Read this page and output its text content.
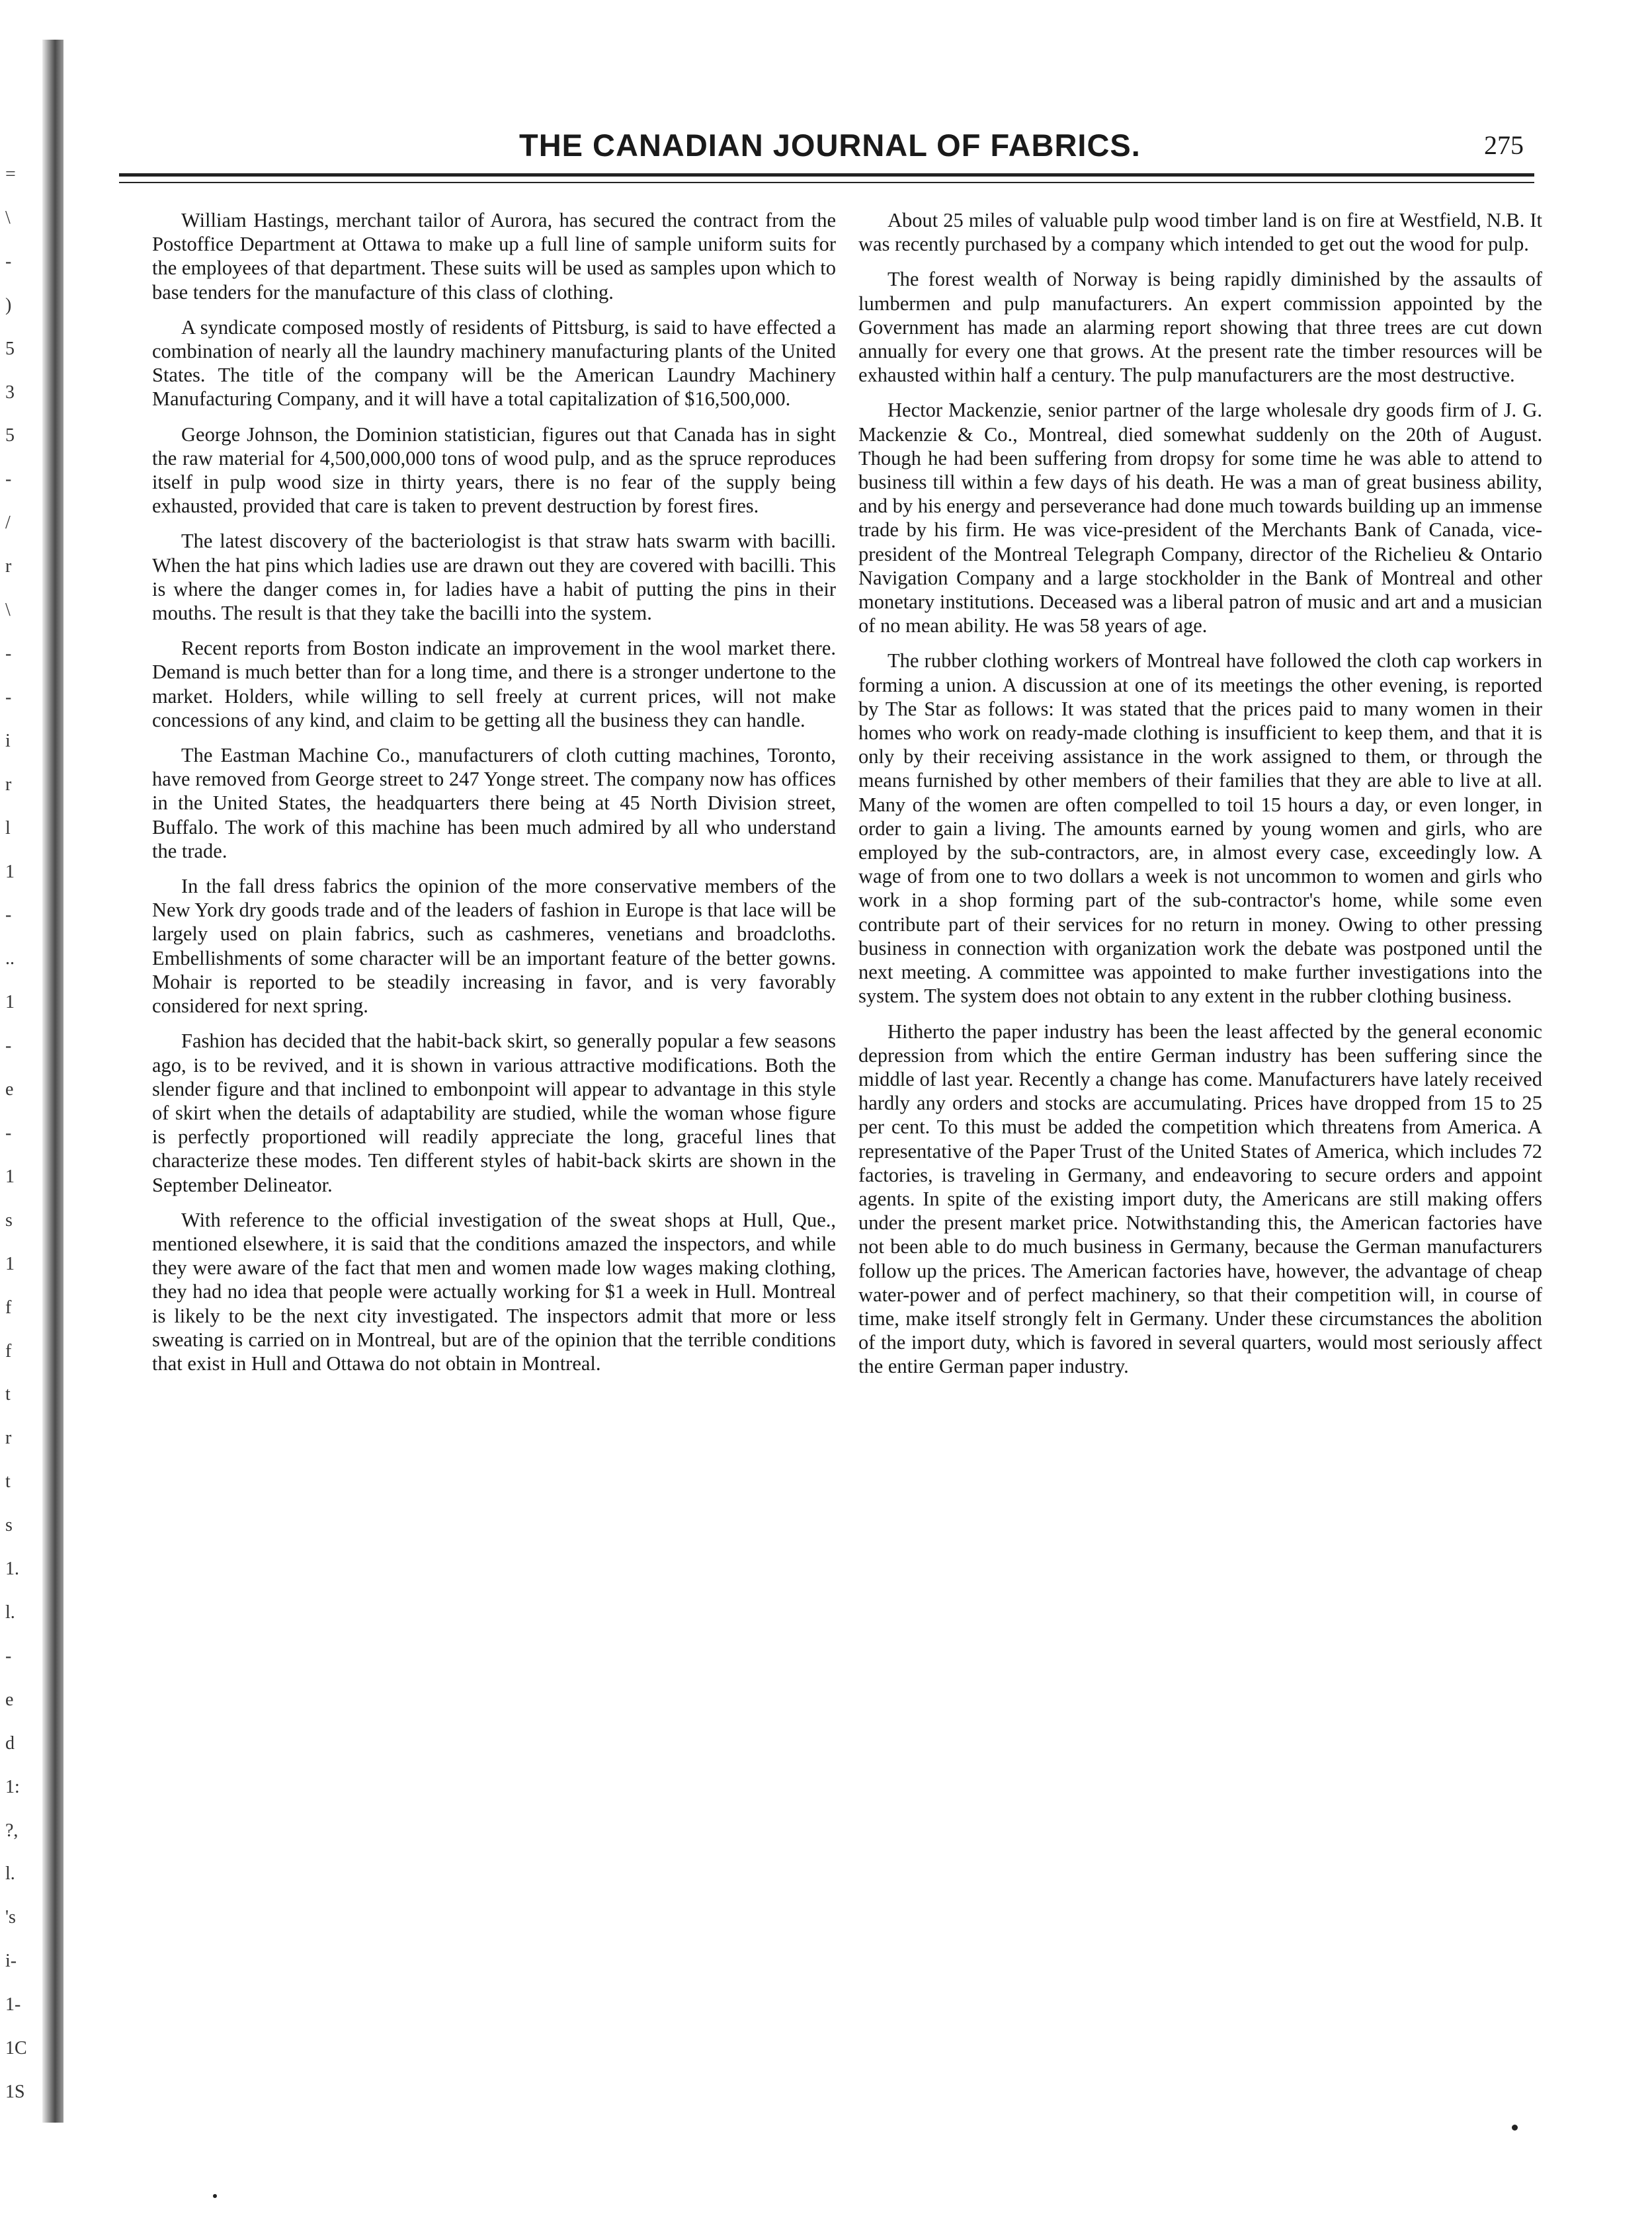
=
\
-
)
5
3
5
-
/
r
\
-
-
i
r
l
1
-
..
1
-
e
-
1
s
1
f
f
t
r
t
s
1.
l.
-
e
d
1:
?,
l.
's
i-
1-
1C
1S
THE CANADIAN JOURNAL OF FABRICS.	275

William Hastings, merchant tailor of Aurora, has secured the contract from the Postoffice Department at Ottawa to make up a full line of sample uniform suits for the employees of that department. These suits will be used as samples upon which to base tenders for the manufacture of this class of clothing.

A syndicate composed mostly of residents of Pittsburg, is said to have effected a combination of nearly all the laundry machinery manufacturing plants of the United States. The title of the company will be the American Laundry Machinery Manufacturing Company, and it will have a total capitalization of $16,500,000.

George Johnson, the Dominion statistician, figures out that Canada has in sight the raw material for 4,500,000,000 tons of wood pulp, and as the spruce reproduces itself in pulp wood size in thirty years, there is no fear of the supply being exhausted, provided that care is taken to prevent destruction by forest fires.

The latest discovery of the bacteriologist is that straw hats swarm with bacilli. When the hat pins which ladies use are drawn out they are covered with bacilli. This is where the danger comes in, for ladies have a habit of putting the pins in their mouths. The result is that they take the bacilli into the system.

Recent reports from Boston indicate an improvement in the wool market there. Demand is much better than for a long time, and there is a stronger undertone to the market. Holders, while willing to sell freely at current prices, will not make concessions of any kind, and claim to be getting all the business they can handle.

The Eastman Machine Co., manufacturers of cloth cutting machines, Toronto, have removed from George street to 247 Yonge street. The company now has offices in the United States, the headquarters there being at 45 North Division street, Buffalo. The work of this machine has been much admired by all who understand the trade.

In the fall dress fabrics the opinion of the more conservative members of the New York dry goods trade and of the leaders of fashion in Europe is that lace will be largely used on plain fabrics, such as cashmeres, venetians and broadcloths. Embellishments of some character will be an important feature of the better gowns. Mohair is reported to be steadily increasing in favor, and is very favorably considered for next spring.

Fashion has decided that the habit-back skirt, so generally popular a few seasons ago, is to be revived, and it is shown in various attractive modifications. Both the slender figure and that inclined to embonpoint will appear to advantage in this style of skirt when the details of adaptability are studied, while the woman whose figure is perfectly proportioned will readily appreciate the long, graceful lines that characterize these modes. Ten different styles of habit-back skirts are shown in the September Delineator.

With reference to the official investigation of the sweat shops at Hull, Que., mentioned elsewhere, it is said that the conditions amazed the inspectors, and while they were aware of the fact that men and women made low wages making clothing, they had no idea that people were actually working for $1 a week in Hull. Montreal is likely to be the next city investigated. The inspectors admit that more or less sweating is carried on in Montreal, but are of the opinion that the terrible conditions that exist in Hull and Ottawa do not obtain in Montreal.

About 25 miles of valuable pulp wood timber land is on fire at Westfield, N.B. It was recently purchased by a company which intended to get out the wood for pulp.

The forest wealth of Norway is being rapidly diminished by the assaults of lumbermen and pulp manufacturers. An expert commission appointed by the Government has made an alarming report showing that three trees are cut down annually for every one that grows. At the present rate the timber resources will be exhausted within half a century. The pulp manufacturers are the most destructive.

Hector Mackenzie, senior partner of the large wholesale dry goods firm of J. G. Mackenzie & Co., Montreal, died somewhat suddenly on the 20th of August. Though he had been suffering from dropsy for some time he was able to attend to business till within a few days of his death. He was a man of great business ability, and by his energy and perseverance had done much towards building up an immense trade by his firm. He was vice-president of the Merchants Bank of Canada, vice-president of the Montreal Telegraph Company, director of the Richelieu & Ontario Navigation Company and a large stockholder in the Bank of Montreal and other monetary institutions. Deceased was a liberal patron of music and art and a musician of no mean ability. He was 58 years of age.

The rubber clothing workers of Montreal have followed the cloth cap workers in forming a union. A discussion at one of its meetings the other evening, is reported by The Star as follows: It was stated that the prices paid to many women in their homes who work on ready-made clothing is insufficient to keep them, and that it is only by their receiving assistance in the work assigned to them, or through the means furnished by other members of their families that they are able to live at all. Many of the women are often compelled to toil 15 hours a day, or even longer, in order to gain a living. The amounts earned by young women and girls, who are employed by the sub-contractors, are, in almost every case, exceedingly low. A wage of from one to two dollars a week is not uncommon to women and girls who work in a shop forming part of the sub-contractor's home, while some even contribute part of their services for no return in money. Owing to other pressing business in connection with organization work the debate was postponed until the next meeting. A committee was appointed to make further investigations into the system. The system does not obtain to any extent in the rubber clothing business.

Hitherto the paper industry has been the least affected by the general economic depression from which the entire German industry has been suffering since the middle of last year. Recently a change has come. Manufacturers have lately received hardly any orders and stocks are accumulating. Prices have dropped from 15 to 25 per cent. To this must be added the competition which threatens from America. A representative of the Paper Trust of the United States of America, which includes 72 factories, is traveling in Germany, and endeavoring to secure orders and appoint agents. In spite of the existing import duty, the Americans are still making offers under the present market price. Notwithstanding this, the American factories have not been able to do much business in Germany, because the German manufacturers follow up the prices. The American factories have, however, the advantage of cheap water-power and of perfect machinery, so that their competition will, in course of time, make itself strongly felt in Germany. Under these circumstances the abolition of the import duty, which is favored in several quarters, would most seriously affect the entire German paper industry.
